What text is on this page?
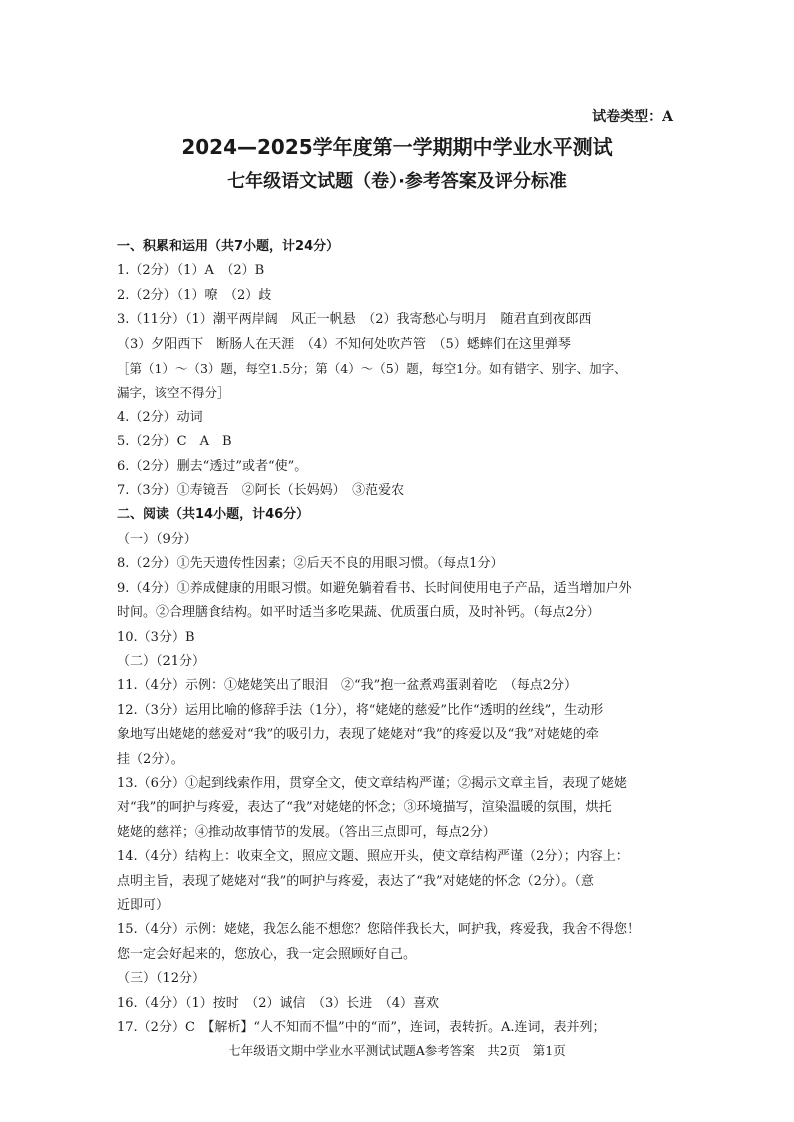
试卷类型：A
2024—2025学年度第一学期期中学业水平测试
七年级语文试题（卷）·参考答案及评分标准
一、积累和运用（共7小题，计24分）
1.（2分）（1）A　（2）B
2.（2分）（1）嘹　（2）歧
3.（11分）（1）潮平两岸阔　风正一帆悬　（2）我寄愁心与明月　随君直到夜郎西
（3）夕阳西下　断肠人在天涯　（4）不知何处吹芦管　（5）蟋蟀们在这里弹琴
［第（1）～（3）题，每空1.5分；第（4）～（5）题，每空1分。如有错字、别字、加字、
漏字，该空不得分］
4.（2分）动词
5.（2分）C　A　B
6.（2分）删去“透过”或者“使”。
7.（3分）①寿镜吾　②阿长（长妈妈）　③范爱农
二、阅读（共14小题，计46分）
（一）（9分）
8.（2分）①先天遗传性因素；②后天不良的用眼习惯。（每点1分）
9.（4分）①养成健康的用眼习惯。如避免躺着看书、长时间使用电子产品，适当增加户外
时间。②合理膳食结构。如平时适当多吃果蔬、优质蛋白质，及时补钙。（每点2分）
10.（3分）B
（二）（21分）
11.（4分）示例：①姥姥笑出了眼泪　②“我”抱一盆煮鸡蛋剥着吃　（每点2分）
12.（3分）运用比喻的修辞手法（1分），将“姥姥的慈爱”比作“透明的丝线”，生动形
象地写出姥姥的慈爱对“我”的吸引力，表现了姥姥对“我”的疼爱以及“我”对姥姥的牵
挂（2分）。
13.（6分）①起到线索作用，贯穿全文，使文章结构严谨；②揭示文章主旨，表现了姥姥
对“我”的呵护与疼爱，表达了“我”对姥姥的怀念；③环境描写，渲染温暖的氛围，烘托
姥姥的慈祥；④推动故事情节的发展。（答出三点即可，每点2分）
14.（4分）结构上：收束全文，照应文题、照应开头，使文章结构严谨（2分）；内容上：
点明主旨，表现了姥姥对“我”的呵护与疼爱，表达了“我”对姥姥的怀念（2分）。（意
近即可）
15.（4分）示例：姥姥，我怎么能不想您？您陪伴我长大，呵护我，疼爱我，我舍不得您！
您一定会好起来的，您放心，我一定会照顾好自己。
（三）（12分）
16.（4分）（1）按时　（2）诚信　（3）长进　（4）喜欢
17.（2分）C　【解析】“人不知而不愠”中的“而”，连词，表转折。A.连词，表并列；
七年级语文期中学业水平测试试题A参考答案　共2页　第1页
